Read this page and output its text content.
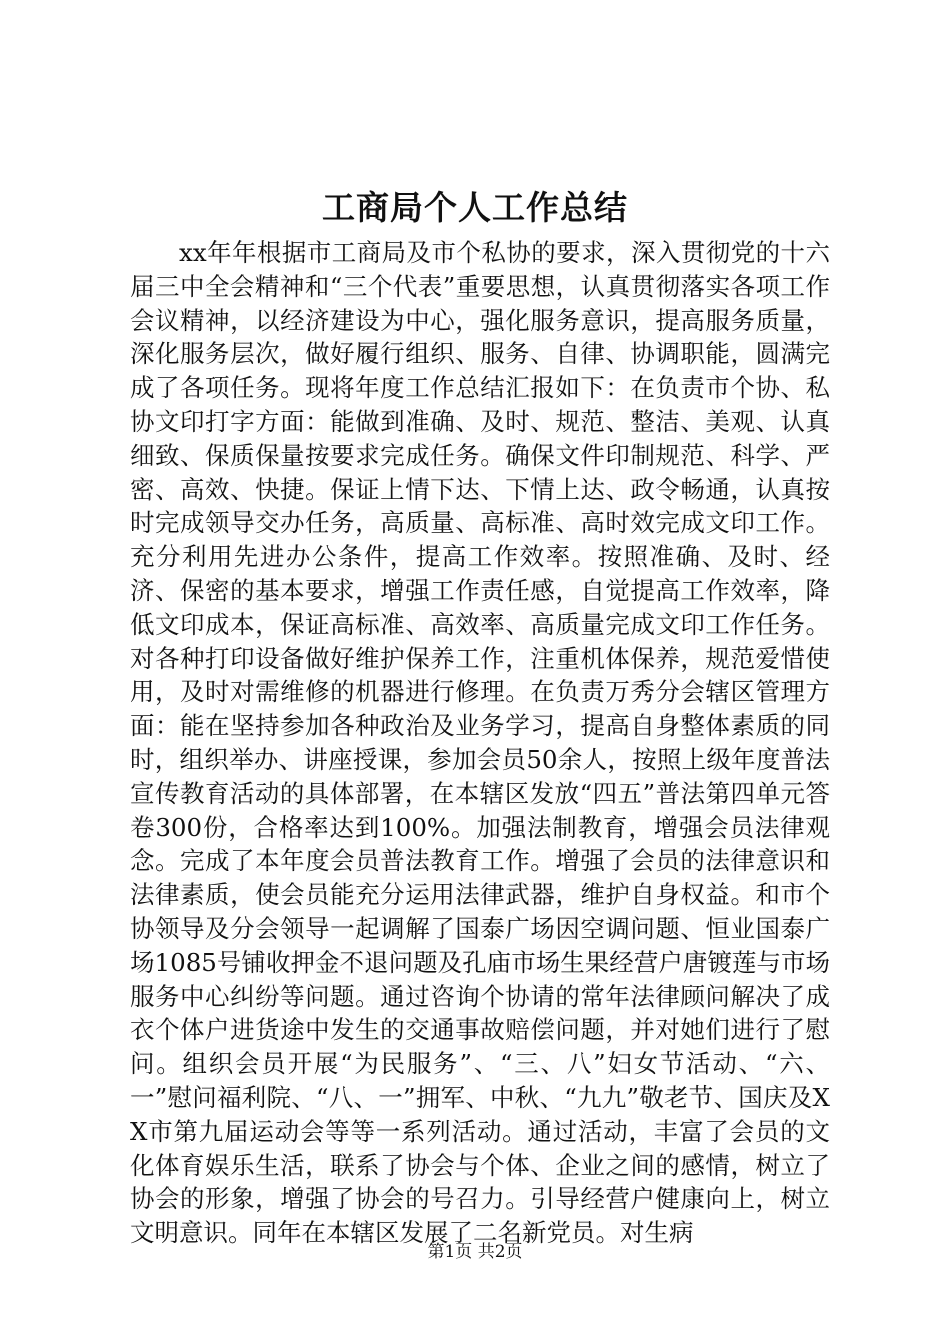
工商局个人工作总结

xx年年根据市工商局及市个私协的要求，深入贯彻党的十六届三中全会精神和“三个代表”重要思想，认真贯彻落实各项工作会议精神，以经济建设为中心，强化服务意识，提高服务质量，深化服务层次，做好履行组织、服务、自律、协调职能，圆满完成了各项任务。现将年度工作总结汇报如下：在负责市个协、私协文印打字方面：能做到准确、及时、规范、整洁、美观、认真细致、保质保量按要求完成任务。确保文件印制规范、科学、严密、高效、快捷。保证上情下达、下情上达、政令畅通，认真按时完成领导交办任务，高质量、高标准、高时效完成文印工作。充分利用先进办公条件，提高工作效率。按照准确、及时、经济、保密的基本要求，增强工作责任感，自觉提高工作效率，降低文印成本，保证高标准、高效率、高质量完成文印工作任务。对各种打印设备做好维护保养工作，注重机体保养，规范爱惜使用，及时对需维修的机器进行修理。在负责万秀分会辖区管理方面：能在坚持参加各种政治及业务学习，提高自身整体素质的同时，组织举办、讲座授课，参加会员50余人，按照上级年度普法宣传教育活动的具体部署，在本辖区发放“四五”普法第四单元答卷300份，合格率达到100%。加强法制教育，增强会员法律观念。完成了本年度会员普法教育工作。增强了会员的法律意识和法律素质，使会员能充分运用法律武器，维护自身权益。和市个协领导及分会领导一起调解了国泰广场因空调问题、恒业国泰广场1085号铺收押金不退问题及孔庙市场生果经营户唐镀莲与市场服务中心纠纷等问题。通过咨询个协请的常年法律顾问解决了成衣个体户进货途中发生的交通事故赔偿问题，并对她们进行了慰问。组织会员开展“为民服务”、“三、八”妇女节活动、“六、一”慰问福利院、“八、一”拥军、中秋、“九九”敬老节、国庆及XX市第九届运动会等等一系列活动。通过活动，丰富了会员的文化体育娱乐生活，联系了协会与个体、企业之间的感情，树立了协会的形象，增强了协会的号召力。引导经营户健康向上，树立文明意识。同年在本辖区发展了二名新党员。对生病

第1页 共2页
